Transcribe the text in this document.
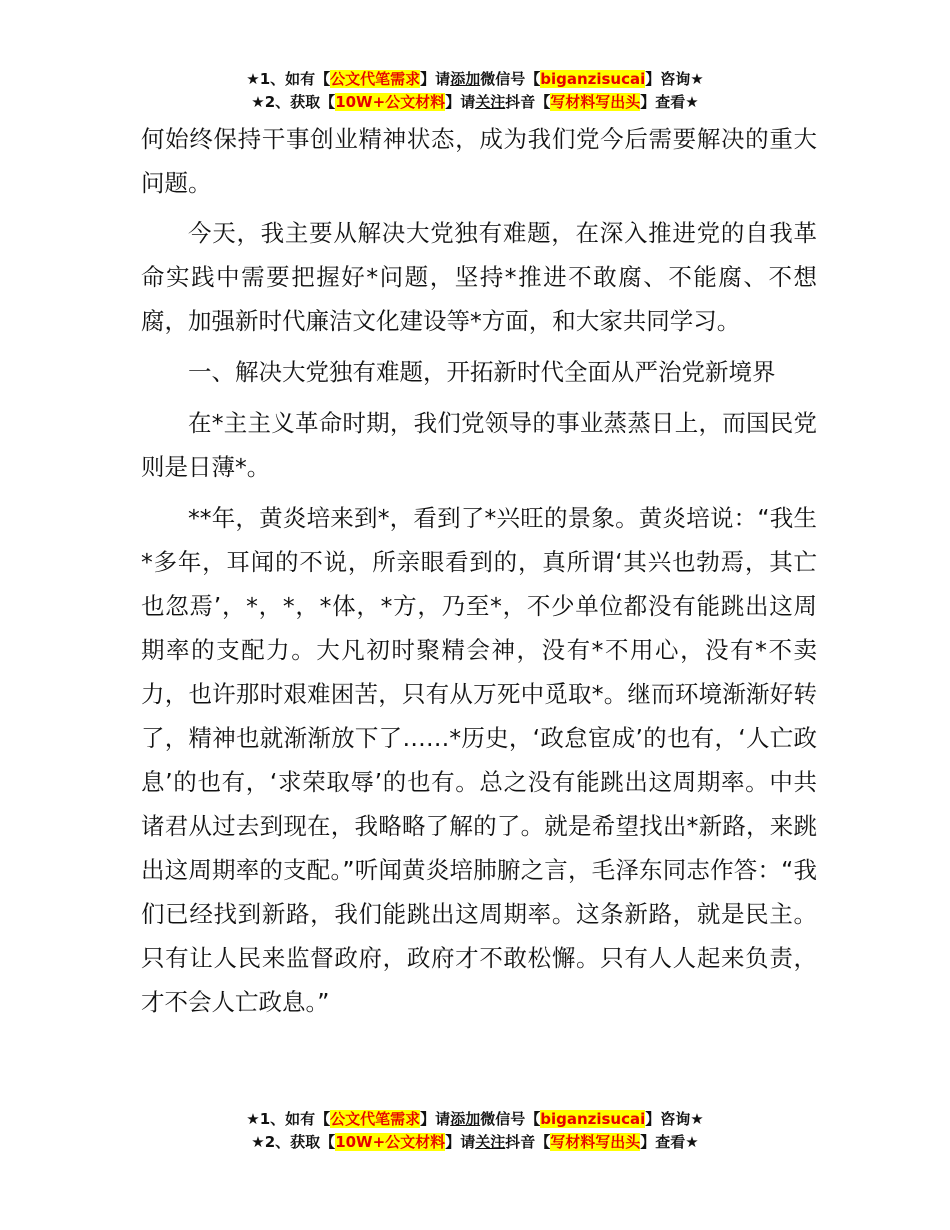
★1、如有【公文代笔需求】请添加微信号【biganzisucai】咨询★
★2、获取【10W+公文材料】请关注抖音【写材料写出头】查看★

何始终保持干事创业精神状态，成为我们党今后需要解决的重大问题。

今天，我主要从解决大党独有难题，在深入推进党的自我革命实践中需要把握好*问题，坚持*推进不敢腐、不能腐、不想腐，加强新时代廉洁文化建设等*方面，和大家共同学习。

一、解决大党独有难题，开拓新时代全面从严治党新境界

在*主主义革命时期，我们党领导的事业蒸蒸日上，而国民党则是日薄*。

**年，黄炎培来到*，看到了*兴旺的景象。黄炎培说：“我生*多年，耳闻的不说，所亲眼看到的，真所谓‘其兴也勃焉，其亡也忽焉’，*，*，*体，*方，乃至*，不少单位都没有能跳出这周期率的支配力。大凡初时聚精会神，没有*不用心，没有*不卖力，也许那时艰难困苦，只有从万死中觅取*。继而环境渐渐好转了，精神也就渐渐放下了……*历史，‘政怠宦成’的也有，‘人亡政息’的也有，‘求荣取辱’的也有。总之没有能跳出这周期率。中共诸君从过去到现在，我略略了解的了。就是希望找出*新路，来跳出这周期率的支配。”听闻黄炎培肺腑之言，毛泽东同志作答：“我们已经找到新路，我们能跳出这周期率。这条新路，就是民主。只有让人民来监督政府，政府才不敢松懈。只有人人起来负责，才不会人亡政息。”

★1、如有【公文代笔需求】请添加微信号【biganzisucai】咨询★
★2、获取【10W+公文材料】请关注抖音【写材料写出头】查看★
